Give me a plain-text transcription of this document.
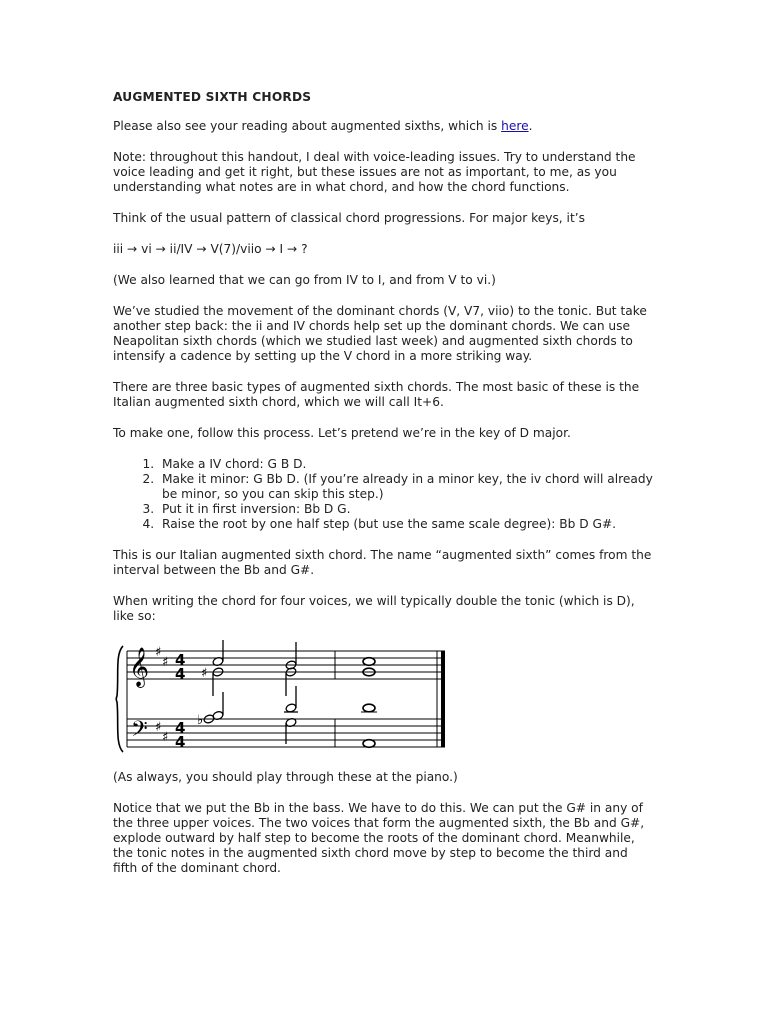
AUGMENTED SIXTH CHORDS

Please also see your reading about augmented sixths, which is here.

Note: throughout this handout, I deal with voice-leading issues. Try to understand the voice leading and get it right, but these issues are not as important, to me, as you understanding what notes are in what chord, and how the chord functions.

Think of the usual pattern of classical chord progressions. For major keys, it’s

iii → vi → ii/IV → V(7)/viio → I → ?

(We also learned that we can go from IV to I, and from V to vi.)

We’ve studied the movement of the dominant chords (V, V7, viio) to the tonic. But take another step back: the ii and IV chords help set up the dominant chords. We can use Neapolitan sixth chords (which we studied last week) and augmented sixth chords to intensify a cadence by setting up the V chord in a more striking way.

There are three basic types of augmented sixth chords. The most basic of these is the Italian augmented sixth chord, which we will call It+6.

To make one, follow this process. Let’s pretend we’re in the key of D major.

1. Make a IV chord: G B D.
2. Make it minor: G Bb D. (If you’re already in a minor key, the iv chord will already be minor, so you can skip this step.)
3. Put it in first inversion: Bb D G.
4. Raise the root by one half step (but use the same scale degree): Bb D G#.

This is our Italian augmented sixth chord. The name “augmented sixth” comes from the interval between the Bb and G#.

When writing the chord for four voices, we will typically double the tonic (which is D), like so:

𝄞
𝄢
♯
♯
♯
♯
4
4
4
4
♯
♭

(As always, you should play through these at the piano.)

Notice that we put the Bb in the bass. We have to do this. We can put the G# in any of the three upper voices. The two voices that form the augmented sixth, the Bb and G#, explode outward by half step to become the roots of the dominant chord. Meanwhile, the tonic notes in the augmented sixth chord move by step to become the third and fifth of the dominant chord.
